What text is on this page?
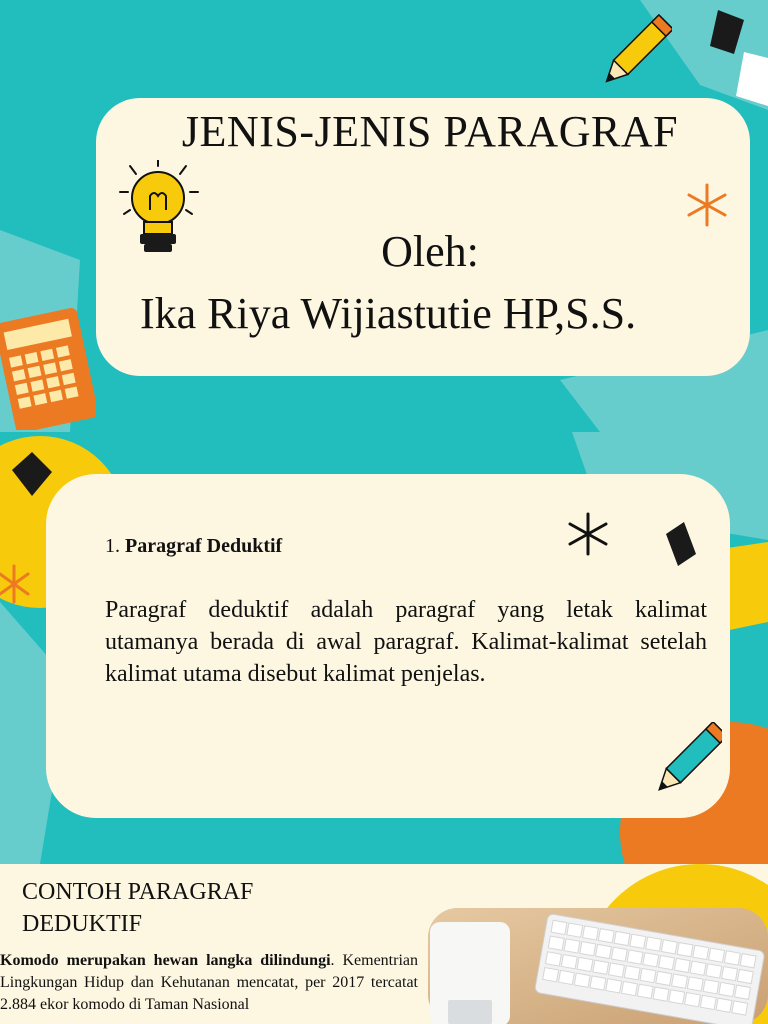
JENIS-JENIS PARAGRAF
Oleh:
Ika Riya Wijiastutie HP,S.S.
1. Paragraf Deduktif
Paragraf deduktif adalah paragraf yang letak kalimat utamanya berada di awal paragraf. Kalimat-kalimat setelah kalimat utama disebut kalimat penjelas.
CONTOH PARAGRAF
DEDUKTIF
Komodo merupakan hewan langka dilindungi. Kementrian Lingkungan Hidup dan Kehutanan mencatat, per 2017 tercatat 2.884 ekor komodo di Taman Nasional
